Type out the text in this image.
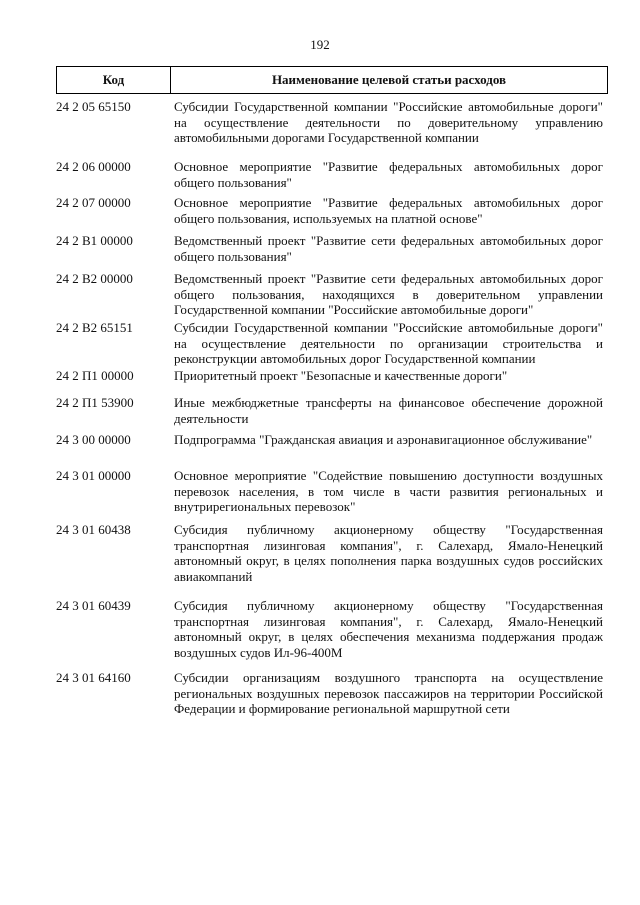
192
Код	Наименование целевой статьи расходов
24 2 05 65150	Субсидии Государственной компании "Российские автомобильные дороги" на осуществление деятельности по доверительному управлению автомобильными дорогами Государственной компании
24 2 06 00000	Основное мероприятие "Развитие федеральных автомобильных дорог общего пользования"
24 2 07 00000	Основное мероприятие "Развитие федеральных автомобильных дорог общего пользования, используемых на платной основе"
24 2 В1 00000	Ведомственный проект "Развитие сети федеральных автомобильных дорог общего пользования"
24 2 В2 00000	Ведомственный проект "Развитие сети федеральных автомобильных дорог общего пользования, находящихся в доверительном управлении Государственной компании "Российские автомобильные дороги"
24 2 В2 65151	Субсидии Государственной компании "Российские автомобильные дороги" на осуществление деятельности по организации строительства и реконструкции автомобильных дорог Государственной компании
24 2 П1 00000	Приоритетный проект "Безопасные и качественные дороги"
24 2 П1 53900	Иные межбюджетные трансферты на финансовое обеспечение дорожной деятельности
24 3 00 00000	Подпрограмма "Гражданская авиация и аэронавигационное обслуживание"
24 3 01 00000	Основное мероприятие "Содействие повышению доступности воздушных перевозок населения, в том числе в части развития региональных и внутрирегиональных перевозок"
24 3 01 60438	Субсидия публичному акционерному обществу "Государственная транспортная лизинговая компания", г. Салехард, Ямало-Ненецкий автономный округ, в целях пополнения парка воздушных судов российских авиакомпаний
24 3 01 60439	Субсидия публичному акционерному обществу "Государственная транспортная лизинговая компания", г. Салехард, Ямало-Ненецкий автономный округ, в целях обеспечения механизма поддержания продаж воздушных судов Ил-96-400М
24 3 01 64160	Субсидии организациям воздушного транспорта на осуществление региональных воздушных перевозок пассажиров на территории Российской Федерации и формирование региональной маршрутной сети
